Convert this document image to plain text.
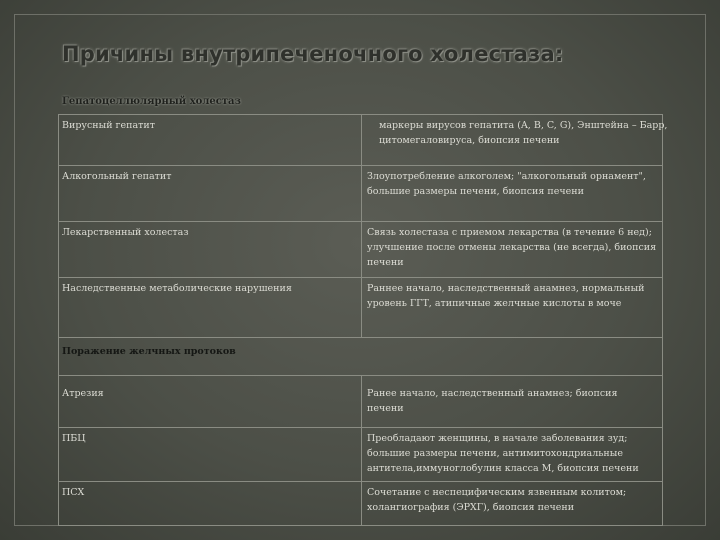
Причины внутрипеченочного холестаза:
Гепатоцеллюлярный холестаз
Вирусный гепатит	маркеры вирусов гепатита (A, B, C, G), Энштейна – Барр, цитомегаловируса, биопсия печени
Алкогольный гепатит	Злоупотребление алкоголем; "алкогольный орнамент", большие размеры печени, биопсия печени
Лекарственный холестаз	Связь холестаза с приемом лекарства (в течение 6 нед); улучшение после отмены лекарства (не всегда), биопсия печени
Наследственные метаболические нарушения	Раннее начало, наследственный анамнез, нормальный уровень ГГТ, атипичные желчные кислоты в моче
Поражение желчных протоков
Атрезия	Ранее начало, наследственный анамнез; биопсия печени
ПБЦ	Преобладают женщины, в начале заболевания зуд; большие размеры печени, антимитохондриальные антитела,иммуноглобулин класса М, биопсия печени
ПСХ	Сочетание с неспецифическим язвенным колитом; холангиография (ЭРХГ), биопсия печени
